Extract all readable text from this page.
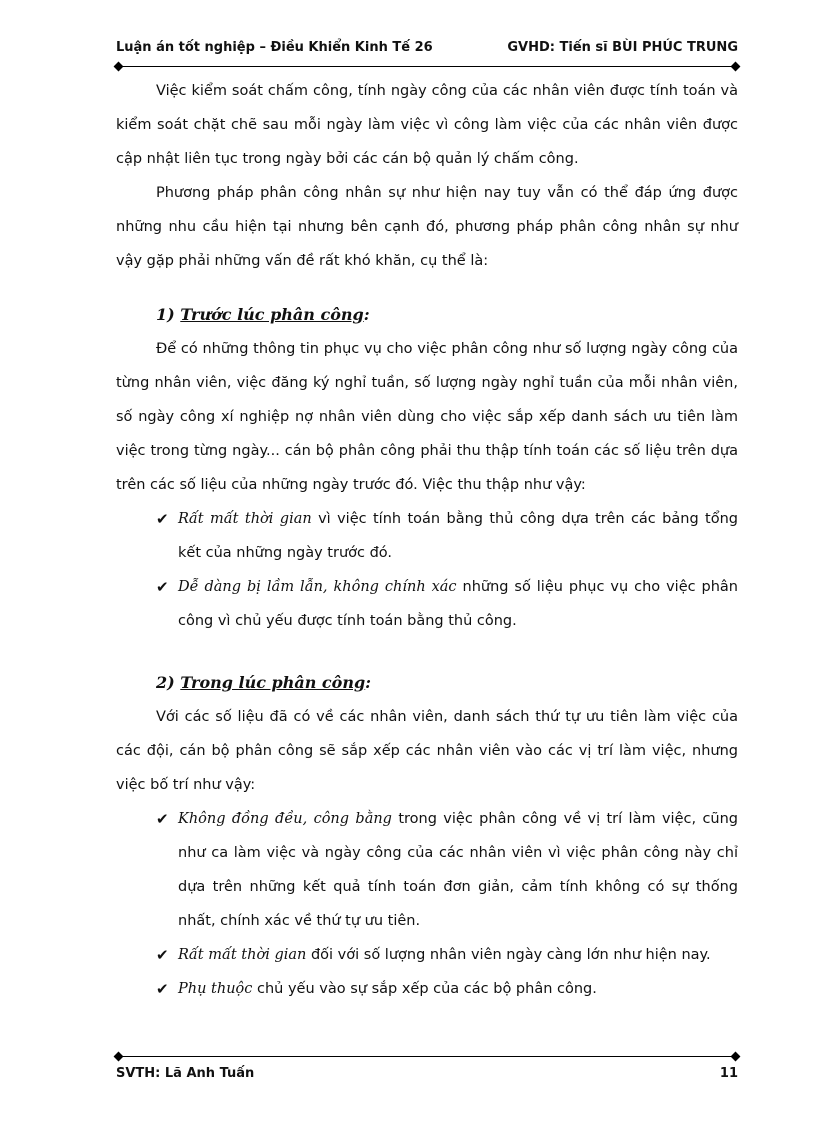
Luận án tốt nghiệp – Điều Khiển Kinh Tế 26	GVHD: Tiến sĩ BÙI PHÚC TRUNG

Việc kiểm soát chấm công, tính ngày công của các nhân viên được tính toán và kiểm soát chặt chẽ sau mỗi ngày làm việc vì công làm việc của các nhân viên được cập nhật liên tục trong ngày bởi các cán bộ quản lý chấm công.

Phương pháp phân công nhân sự như hiện nay tuy vẫn có thể đáp ứng được những nhu cầu hiện tại nhưng bên cạnh đó, phương pháp phân công nhân sự như vậy gặp phải những vấn đề rất khó khăn, cụ thể là:

1) Trước lúc phân công:

Để có những thông tin phục vụ cho việc phân công như số lượng ngày công của từng nhân viên, việc đăng ký nghỉ tuần, số lượng ngày nghỉ tuần của mỗi nhân viên, số ngày công xí nghiệp nợ nhân viên dùng cho việc sắp xếp danh sách ưu tiên làm việc trong từng ngày... cán bộ phân công phải thu thập tính toán các số liệu trên dựa trên các số liệu của những ngày trước đó. Việc thu thập như vậy:

✔ Rất mất thời gian vì việc tính toán bằng thủ công dựa trên các bảng tổng kết của những ngày trước đó.
✔ Dễ dàng bị lầm lẫn, không chính xác những số liệu phục vụ cho việc phân công vì chủ yếu được tính toán bằng thủ công.
2) Trong lúc phân công:

Với các số liệu đã có về các nhân viên, danh sách thứ tự ưu tiên làm việc của các đội, cán bộ phân công sẽ sắp xếp các nhân viên vào các vị trí làm việc, nhưng việc bố trí như vậy:

✔ Không đồng đều, công bằng trong việc phân công về vị trí làm việc, cũng như ca làm việc và ngày công của các nhân viên vì việc phân công này chỉ dựa trên những kết quả tính toán đơn giản, cảm tính không có sự thống nhất, chính xác về thứ tự ưu tiên.
✔ Rất mất thời gian đối với số lượng nhân viên ngày càng lớn như hiện nay.
✔ Phụ thuộc chủ yếu vào sự sắp xếp của các bộ phân công.
SVTH: Lã Anh Tuấn	11
